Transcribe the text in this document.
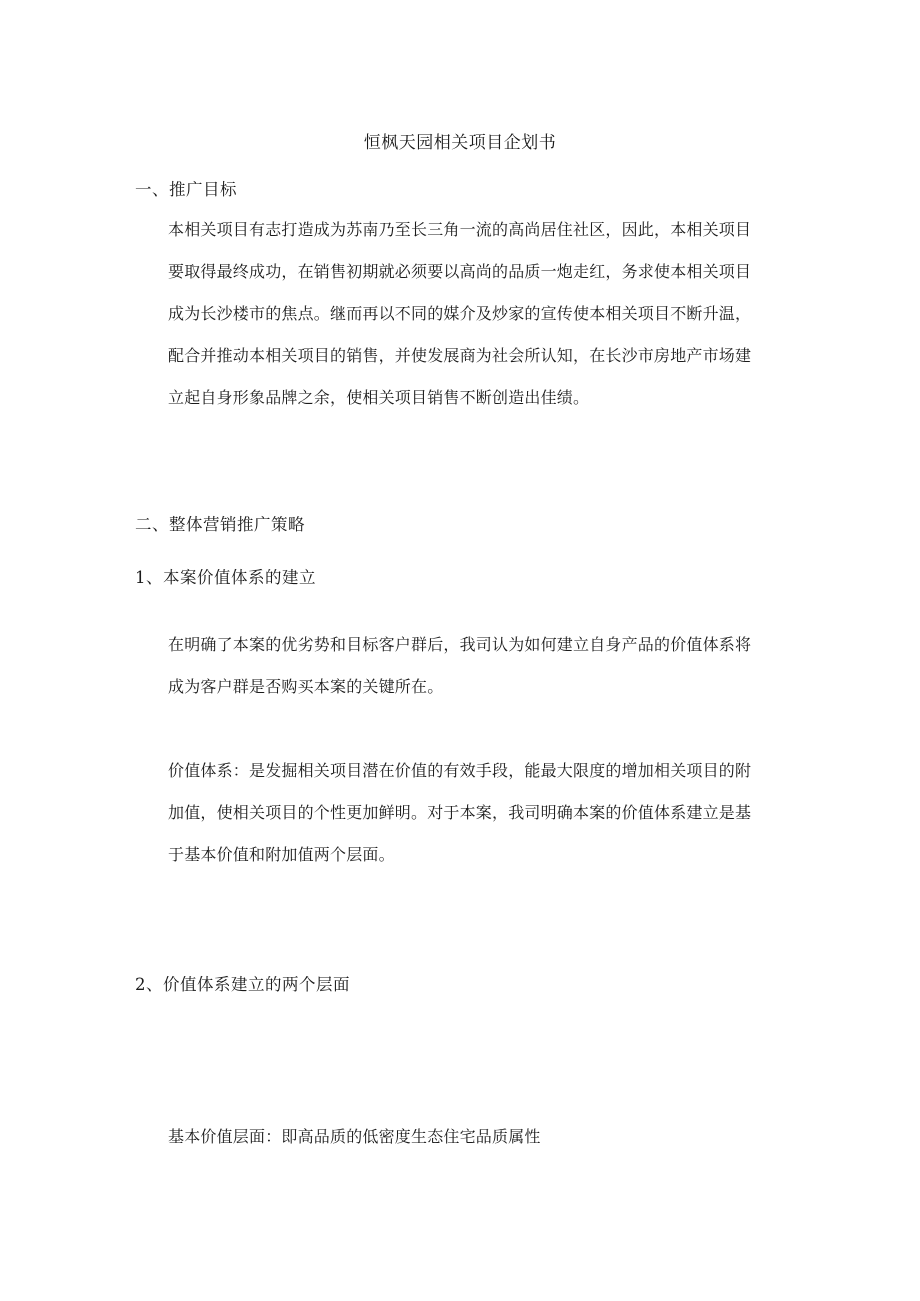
恒枫天园相关项目企划书
一、推广目标
本相关项目有志打造成为苏南乃至长三角一流的高尚居住社区，因此，本相关项目
要取得最终成功，在销售初期就必须要以高尚的品质一炮走红，务求使本相关项目
成为长沙楼市的焦点。继而再以不同的媒介及炒家的宣传使本相关项目不断升温，
配合并推动本相关项目的销售，并使发展商为社会所认知，在长沙市房地产市场建
立起自身形象品牌之余，使相关项目销售不断创造出佳绩。
二、整体营销推广策略
1、本案价值体系的建立
在明确了本案的优劣势和目标客户群后，我司认为如何建立自身产品的价值体系将
成为客户群是否购买本案的关键所在。
价值体系：是发掘相关项目潜在价值的有效手段，能最大限度的增加相关项目的附
加值，使相关项目的个性更加鲜明。对于本案，我司明确本案的价值体系建立是基
于基本价值和附加值两个层面。
2、价值体系建立的两个层面
基本价值层面：即高品质的低密度生态住宅品质属性
